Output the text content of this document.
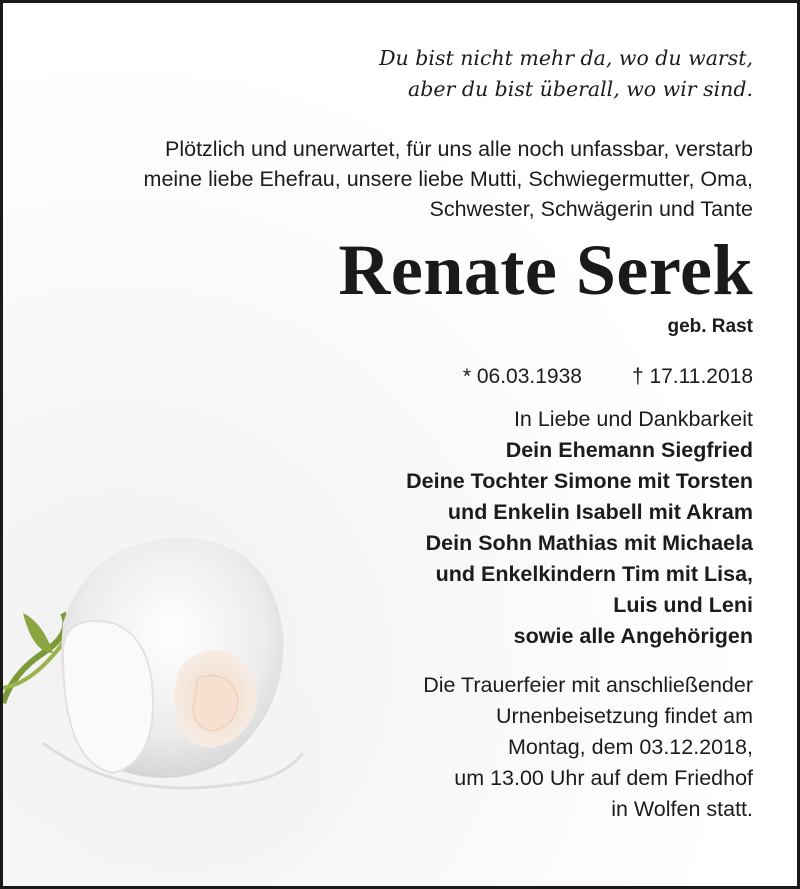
Du bist nicht mehr da, wo du warst,
aber du bist überall, wo wir sind.

Plötzlich und unerwartet, für uns alle noch unfassbar, verstarb
meine liebe Ehefrau, unsere liebe Mutti, Schwiegermutter, Oma,
Schwester, Schwägerin und Tante

Renate Serek

geb. Rast

* 06.03.1938 † 17.11.2018

In Liebe und Dankbarkeit
Dein Ehemann Siegfried
Deine Tochter Simone mit Torsten
und Enkelin Isabell mit Akram
Dein Sohn Mathias mit Michaela
und Enkelkindern Tim mit Lisa,
Luis und Leni
sowie alle Angehörigen

Die Trauerfeier mit anschließender
Urnenbeisetzung findet am
Montag, dem 03.12.2018,
um 13.00 Uhr auf dem Friedhof
in Wolfen statt.
